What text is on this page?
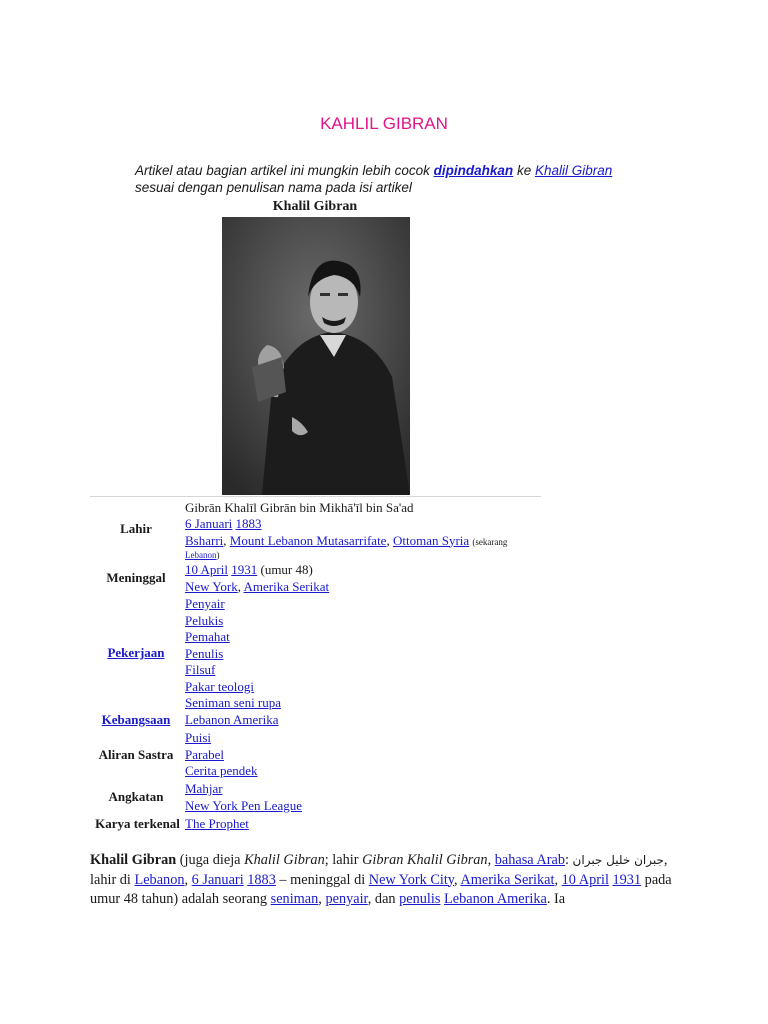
KAHLIL GIBRAN
Artikel atau bagian artikel ini mungkin lebih cocok dipindahkan ke Khalil Gibran sesuai dengan penulisan nama pada isi artikel
Khalil Gibran
Gibrān Khalīl Gibrān bin Mikhā'īl bin Sa'ad
Lahir	6 Januari 1883
Bsharri, Mount Lebanon Mutasarrifate, Ottoman Syria (sekarang
Lebanon)
Meninggal
10 April 1931 (umur 48)
New York, Amerika Serikat
Pekerjaan
Penyair
Pelukis
Pemahat
Penulis
Filsuf
Pakar teologi
Seniman seni rupa
Kebangsaan	Lebanon Amerika
Aliran Sastra
Puisi
Parabel
Cerita pendek
Angkatan
Mahjar
New York Pen League
Karya terkenal The Prophet
Khalil Gibran (juga dieja Khalil Gibran; lahir Gibran Khalil Gibran, bahasa Arab: جبران خليل جبران, lahir di Lebanon, 6 Januari 1883 – meninggal di New York City, Amerika Serikat, 10 April 1931 pada umur 48 tahun) adalah seorang seniman, penyair, dan penulis Lebanon Amerika. Ia
